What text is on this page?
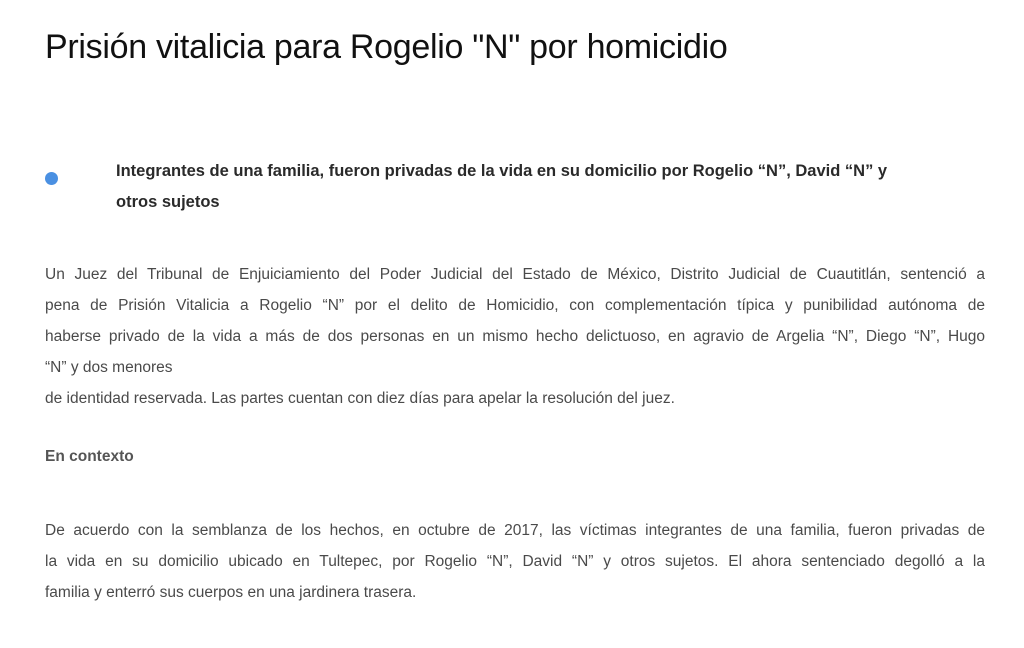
Prisión vitalicia para Rogelio "N" por homicidio

Integrantes de una familia, fueron privadas de la vida en su domicilio por Rogelio “N”, David “N” y
otros sujetos

Un Juez del Tribunal de Enjuiciamiento del Poder Judicial del Estado de México, Distrito Judicial de Cuautitlán, sentenció a
pena de Prisión Vitalicia a Rogelio “N” por el delito de Homicidio, con complementación típica y punibilidad autónoma de
haberse privado de la vida a más de dos personas en un mismo hecho delictuoso, en agravio de Argelia “N”, Diego “N”, Hugo
“N” y dos menores
de identidad reservada. Las partes cuentan con diez días para apelar la resolución del juez.

En contexto

De acuerdo con la semblanza de los hechos, en octubre de 2017, las víctimas integrantes de una familia, fueron privadas de
la vida en su domicilio ubicado en Tultepec, por Rogelio “N”, David “N” y otros sujetos. El ahora sentenciado degolló a la
familia y enterró sus cuerpos en una jardinera trasera.
